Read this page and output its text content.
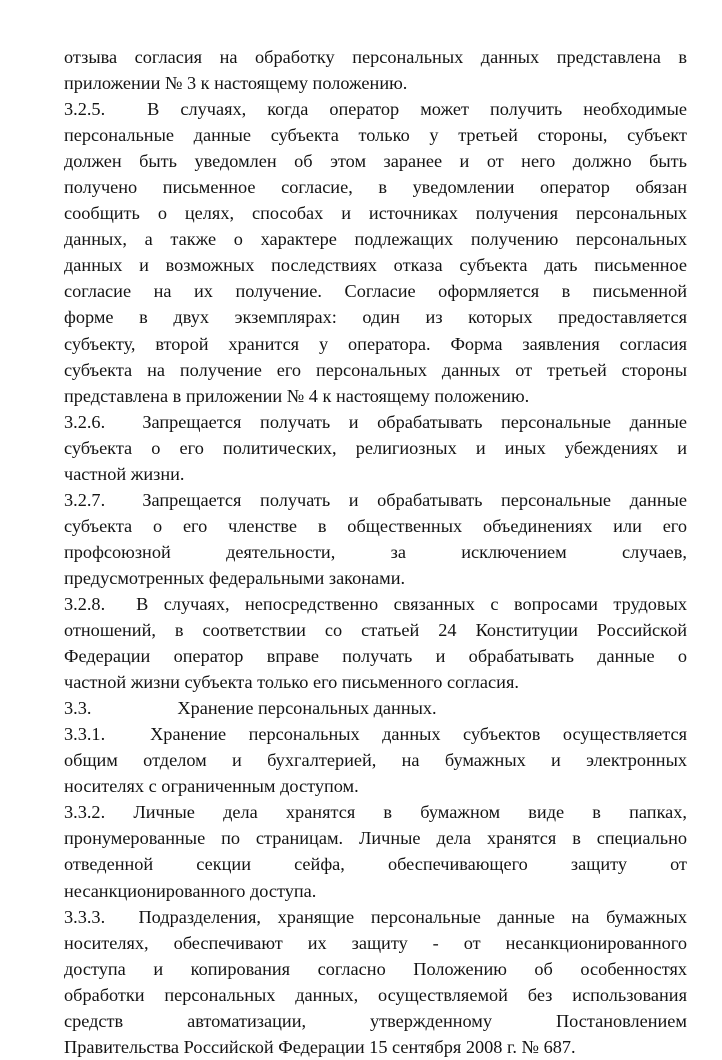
отзыва согласия на обработку персональных данных представлена в
приложении № 3 к настоящему положению.
3.2.5.  В случаях, когда оператор может получить необходимые
персональные данные субъекта только у третьей стороны, субъект
должен быть уведомлен об этом заранее и от него должно быть
получено письменное согласие, в уведомлении оператор обязан
сообщить о целях, способах и источниках получения персональных
данных, а также о характере подлежащих получению персональных
данных и возможных последствиях отказа субъекта дать письменное
согласие на их получение. Согласие оформляется в письменной
форме в двух экземплярах: один из которых предоставляется
субъекту, второй хранится у оператора. Форма заявления согласия
субъекта на получение его персональных данных от третьей стороны
представлена в приложении № 4 к настоящему положению.
3.2.6.  Запрещается получать и обрабатывать персональные данные
субъекта о его политических, религиозных и иных убеждениях и
частной жизни.
3.2.7.  Запрещается получать и обрабатывать персональные данные
субъекта о его членстве в общественных объединениях или его
профсоюзной деятельности, за исключением случаев,
предусмотренных федеральными законами.
3.2.8.  В случаях, непосредственно связанных с вопросами трудовых
отношений, в соответствии со статьей 24 Конституции Российской
Федерации оператор вправе получать и обрабатывать данные о
частной жизни субъекта только его письменного согласия.
3.3.	Хранение персональных данных.
3.3.1.  Хранение персональных данных субъектов осуществляется
общим отделом и бухгалтерией, на бумажных и электронных
носителях с ограниченным доступом.
3.3.2. Личные дела хранятся в бумажном виде в папках,
пронумерованные по страницам. Личные дела хранятся в специально
отведенной секции сейфа, обеспечивающего защиту от
несанкционированного доступа.
3.3.3.  Подразделения, хранящие персональные данные на бумажных
носителях, обеспечивают их защиту - от несанкционированного
доступа и копирования согласно Положению об особенностях
обработки персональных данных, осуществляемой без использования
средств автоматизации, утвержденному Постановлением
Правительства Российской Федерации 15 сентября 2008 г. № 687.
